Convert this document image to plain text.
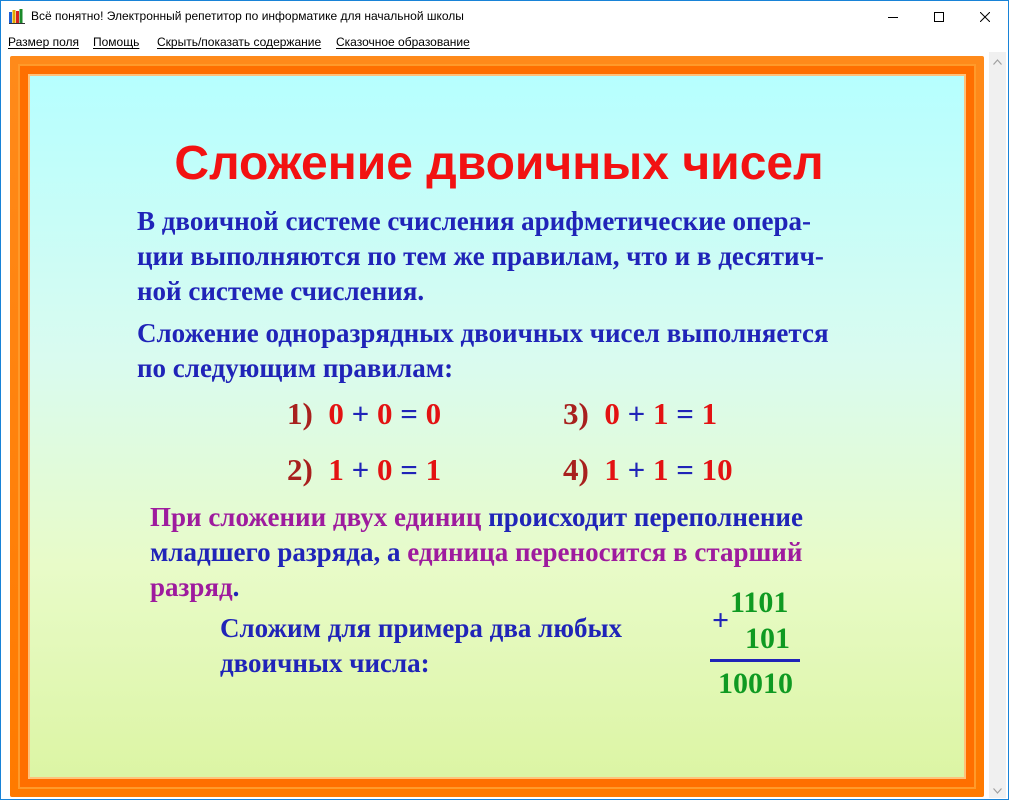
Всё понятно! Электронный репетитор по информатике для начальной школы
Размер поля Помощь Скрыть/показать содержание Сказочное образование
Сложение двоичных чисел
В двоичной системе счисления арифметические опера-
ции выполняются по тем же правилам, что и в десятич-
ной системе счисления.
Сложение одноразрядных двоичных чисел выполняется
по следующим правилам:
1) 0 + 0 = 0
2) 1 + 0 = 1
3) 0 + 1 = 1
4) 1 + 1 = 10
При сложении двух единиц происходит переполнение
младшего разряда, а единица переносится в старший
разряд.
Сложим для примера два любых
двоичных числа:
1101
+
101
10010
